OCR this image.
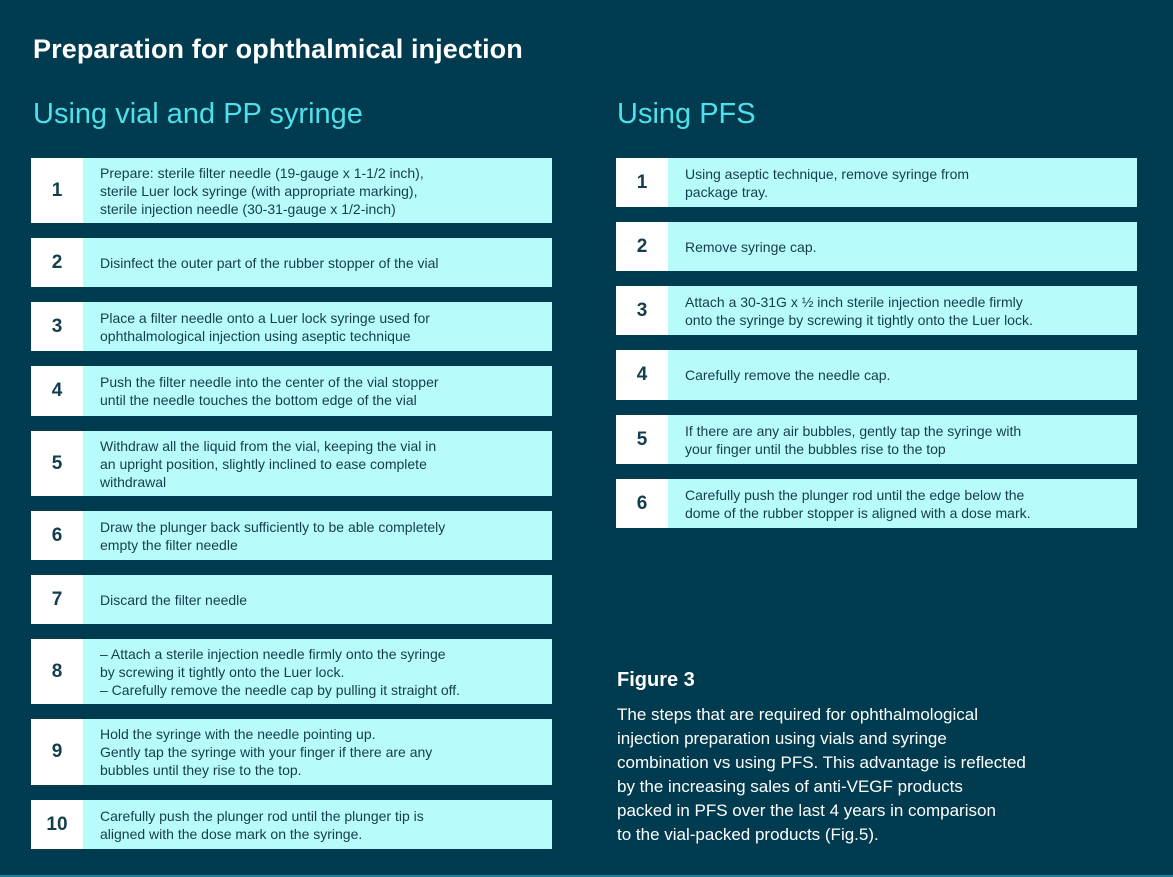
Preparation for ophthalmical injection
Using vial and PP syringe	Using PFS
1
Prepare: sterile filter needle (19-gauge x 1-1/2 inch),
sterile Luer lock syringe (with appropriate marking),
sterile injection needle (30-31-gauge x 1/2-inch)
2	Disinfect the outer part of the rubber stopper of the vial
3	Place a filter needle onto a Luer lock syringe used for
ophthalmological injection using aseptic technique
4	Push the filter needle into the center of the vial stopper
until the needle touches the bottom edge of the vial
5
Withdraw all the liquid from the vial, keeping the vial in
an upright position, slightly inclined to ease complete
withdrawal
6	Draw the plunger back sufficiently to be able completely
empty the filter needle
7	Discard the filter needle
8
– Attach a sterile injection needle firmly onto the syringe
by screwing it tightly onto the Luer lock.
– Carefully remove the needle cap by pulling it straight off.
9
Hold the syringe with the needle pointing up.
Gently tap the syringe with your finger if there are any
bubbles until they rise to the top.
10	Carefully push the plunger rod until the plunger tip is
aligned with the dose mark on the syringe.
1	Using aseptic technique, remove syringe from
package tray.
2	Remove syringe cap.
3	Attach a 30-31G x ½ inch sterile injection needle firmly
onto the syringe by screwing it tightly onto the Luer lock.
4	Carefully remove the needle cap.
5	If there are any air bubbles, gently tap the syringe with
your finger until the bubbles rise to the top
6	Carefully push the plunger rod until the edge below the
dome of the rubber stopper is aligned with a dose mark.
Figure 3
The steps that are required for ophthalmological
injection preparation using vials and syringe
combination vs using PFS. This advantage is reflected
by the increasing sales of anti-VEGF products
packed in PFS over the last 4 years in comparison
to the vial-packed products (Fig.5).
